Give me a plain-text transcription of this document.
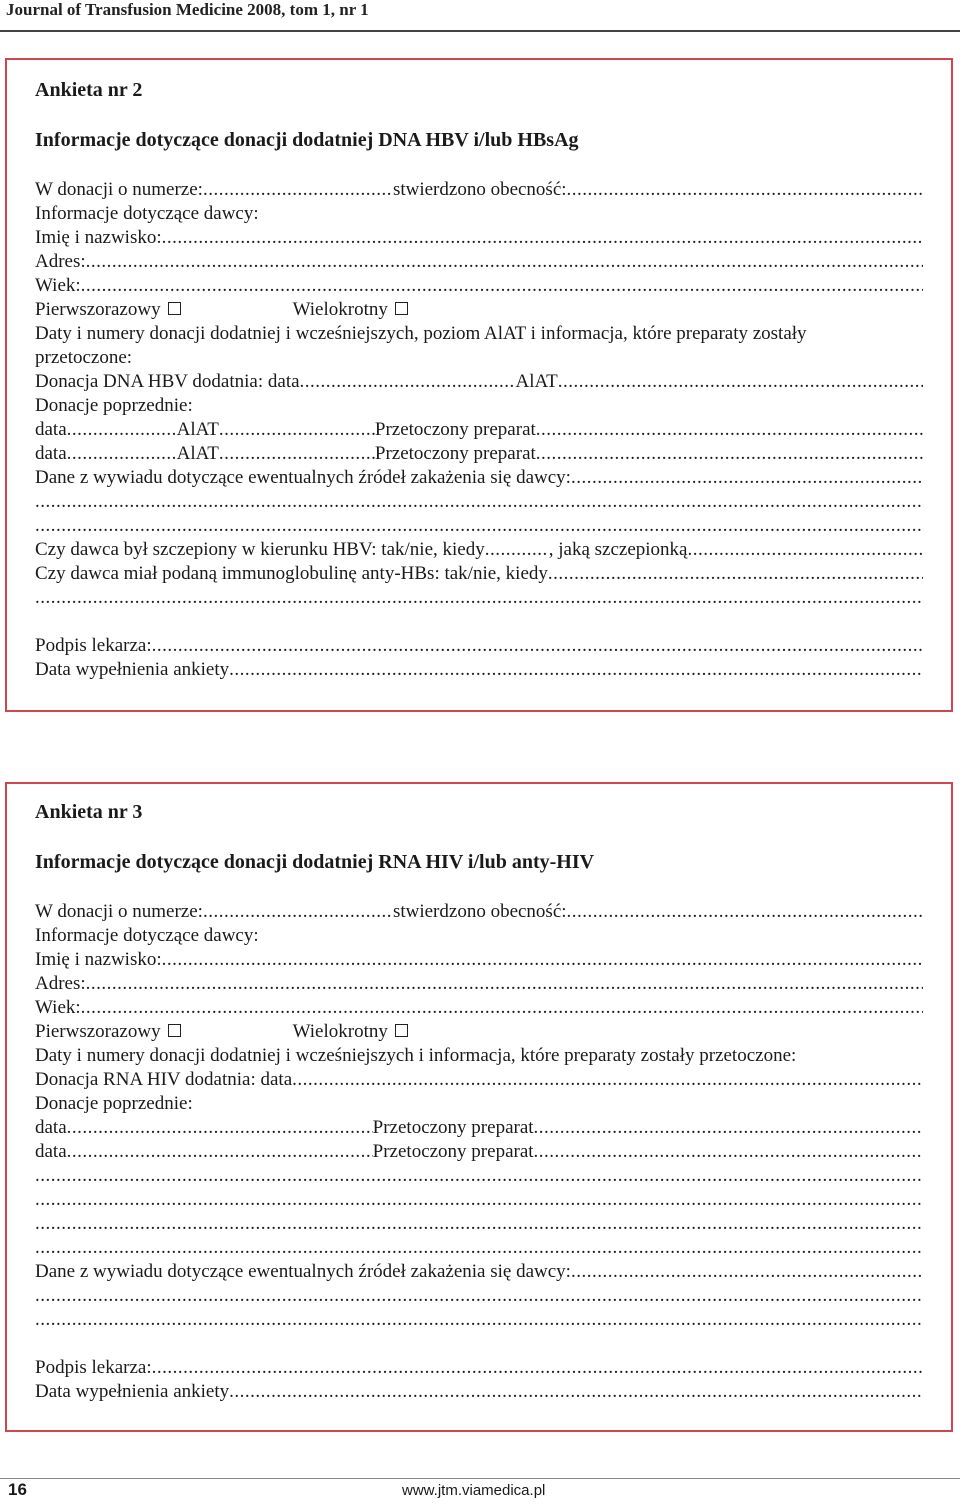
Journal of Transfusion Medicine 2008, tom 1, nr 1
Ankieta nr 2
Informacje dotyczące donacji dodatniej DNA HBV i/lub HBsAg
W donacji o numerze: .....	stwierdzono obecność:
.....
Informacje dotyczące dawcy:
Imię i nazwisko:
.....
Adres:
.....
Wiek:
.....
Pierwszorazowy	Wielokrotny
Daty i numery donacji dodatniej i wcześniejszych, poziom AlAT i informacja, które preparaty zostały
przetoczone:
Donacja DNA HBV dodatnia: data .....	AlAT
.....
Donacje poprzednie:
data .....	AlAT .....	Przetoczony preparat
.....
data .....	AlAT .....	Przetoczony preparat
.....
Dane z wywiadu dotyczące ewentualnych źródeł zakażenia się dawcy:
.....
.....
.....
Czy dawca był szczepiony w kierunku HBV: tak/nie, kiedy .....	, jaką szczepionką
.....
Czy dawca miał podaną immunoglobulinę anty-HBs: tak/nie, kiedy
.....
.....
Podpis lekarza:
.....
Data wypełnienia ankiety
.....
Ankieta nr 3
Informacje dotyczące donacji dodatniej RNA HIV i/lub anty-HIV
W donacji o numerze: .....	stwierdzono obecność:
.....
Informacje dotyczące dawcy:
Imię i nazwisko:
.....
Adres:
.....
Wiek:
.....
Pierwszorazowy	Wielokrotny
Daty i numery donacji dodatniej i wcześniejszych i informacja, które preparaty zostały przetoczone:
Donacja RNA HIV dodatnia: data
.....
Donacje poprzednie:
data .....	Przetoczony preparat
.....
data .....	Przetoczony preparat
.....
.....
.....
.....
.....
Dane z wywiadu dotyczące ewentualnych źródeł zakażenia się dawcy:
.....
.....
.....
Podpis lekarza:
.....
Data wypełnienia ankiety
.....
16	www.jtm.viamedica.pl
